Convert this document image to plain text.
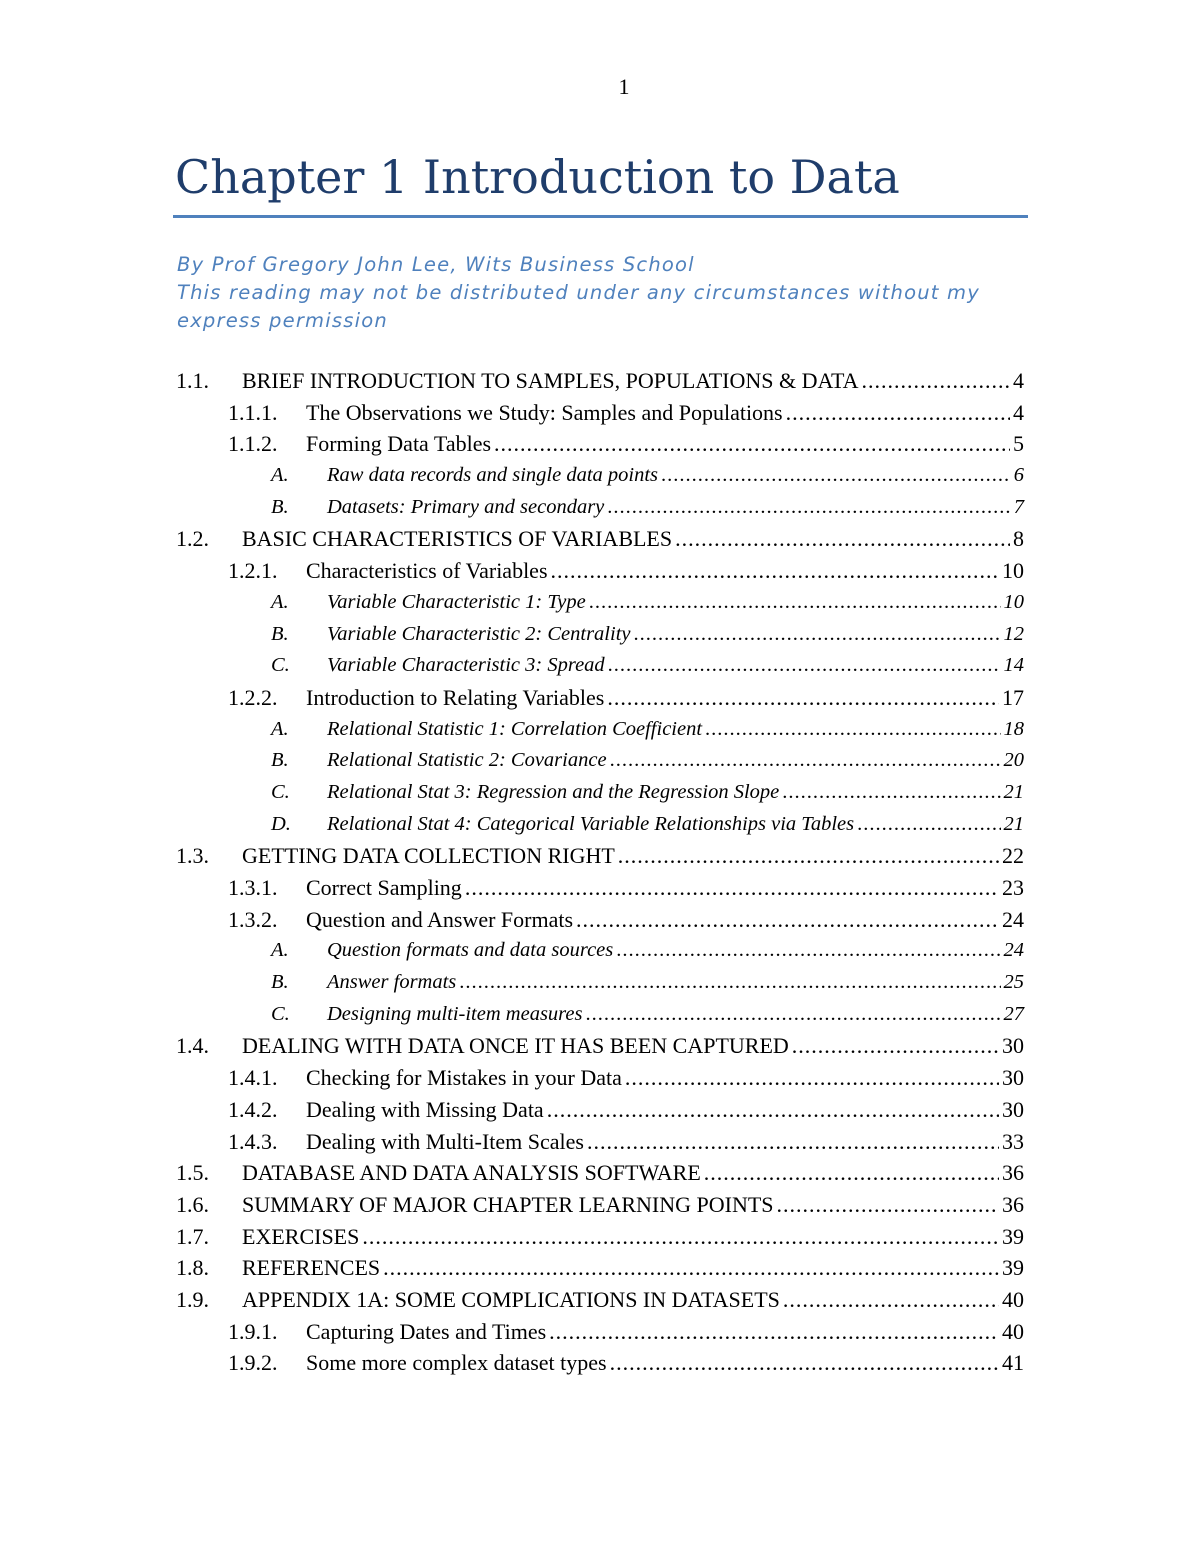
1
Chapter 1 Introduction to Data
By Prof Gregory John Lee, Wits Business School
This reading may not be distributed under any circumstances without my express permission
1.1.	BRIEF INTRODUCTION TO SAMPLES, POPULATIONS & DATA .....	4
1.1.1.	The Observations we Study: Samples and Populations .....	4
1.1.2.	Forming Data Tables .....	5
A.	Raw data records and single data points .....	6
B.	Datasets: Primary and secondary .....	7
1.2.	BASIC CHARACTERISTICS OF VARIABLES .....	8
1.2.1.	Characteristics of Variables .....	10
A.	Variable Characteristic 1: Type .....	10
B.	Variable Characteristic 2: Centrality .....	12
C.	Variable Characteristic 3: Spread .....	14
1.2.2.	Introduction to Relating Variables .....	17
A.	Relational Statistic 1: Correlation Coefficient .....	18
B.	Relational Statistic 2: Covariance .....	20
C.	Relational Stat 3: Regression and the Regression Slope .....	21
D.	Relational Stat 4: Categorical Variable Relationships via Tables .....	21
1.3.	GETTING DATA COLLECTION RIGHT .....	22
1.3.1.	Correct Sampling .....	23
1.3.2.	Question and Answer Formats .....	24
A.	Question formats and data sources .....	24
B.	Answer formats .....	25
C.	Designing multi-item measures .....	27
1.4.	DEALING WITH DATA ONCE IT HAS BEEN CAPTURED .....	30
1.4.1.	Checking for Mistakes in your Data .....	30
1.4.2.	Dealing with Missing Data .....	30
1.4.3.	Dealing with Multi-Item Scales .....	33
1.5.	DATABASE AND DATA ANALYSIS SOFTWARE .....	36
1.6.	SUMMARY OF MAJOR CHAPTER LEARNING POINTS .....	36
1.7.	EXERCISES .....	39
1.8.	REFERENCES .....	39
1.9.	APPENDIX 1A: SOME COMPLICATIONS IN DATASETS .....	40
1.9.1.	Capturing Dates and Times .....	40
1.9.2.	Some more complex dataset types .....	41
